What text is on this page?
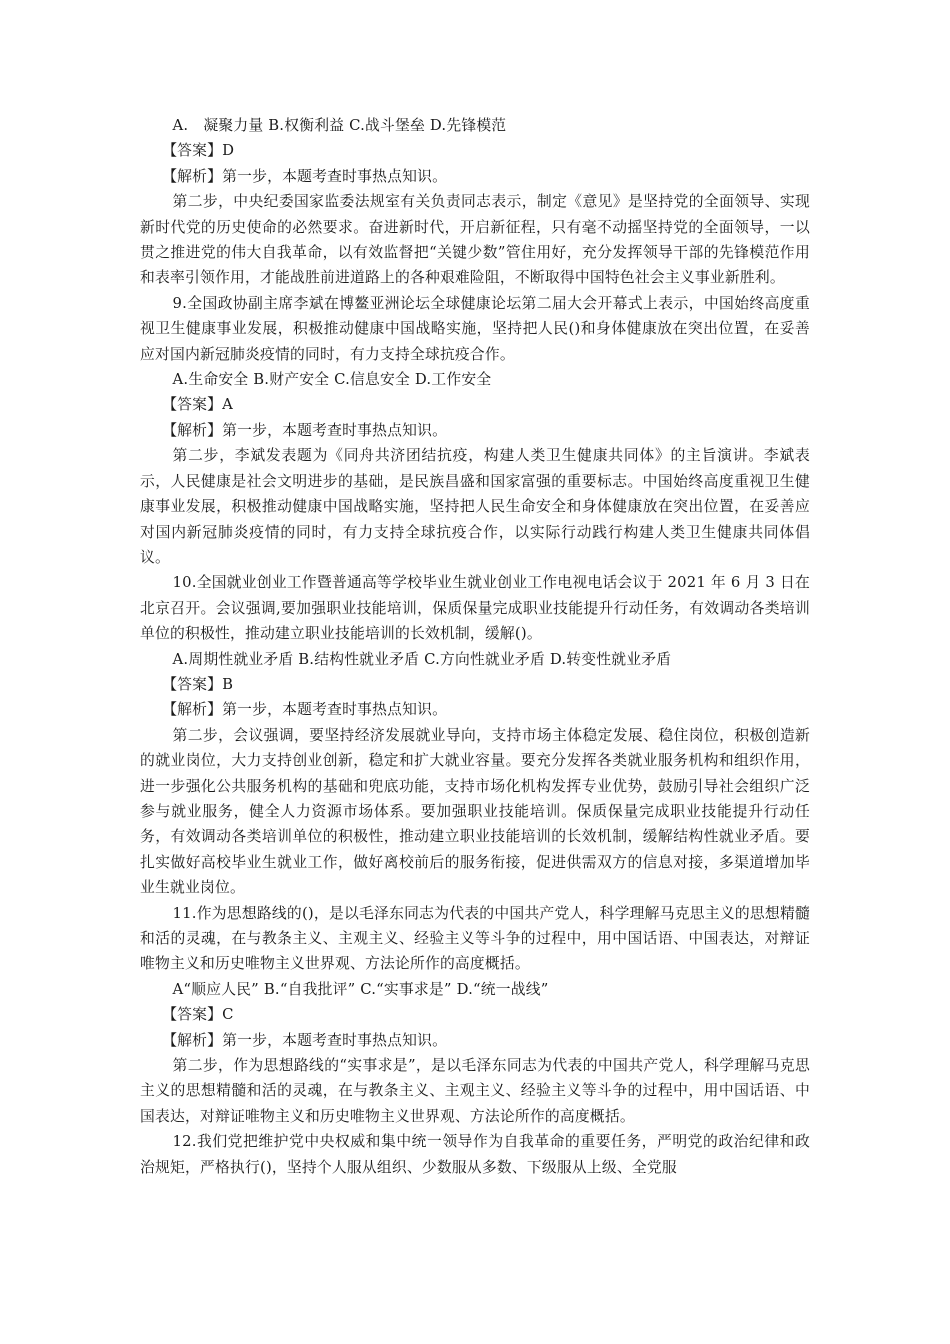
A.　凝聚力量 B.权衡利益 C.战斗堡垒 D.先锋模范

【答案】D

【解析】第一步，本题考查时事热点知识。

第二步，中央纪委国家监委法规室有关负责同志表示，制定《意见》是坚持党的全面领导、实现新时代党的历史使命的必然要求。奋进新时代，开启新征程，只有毫不动摇坚持党的全面领导，一以贯之推进党的伟大自我革命，以有效监督把“关键少数”管住用好，充分发挥领导干部的先锋模范作用和表率引领作用，才能战胜前进道路上的各种艰难险阻，不断取得中国特色社会主义事业新胜利。

9.全国政协副主席李斌在博鳌亚洲论坛全球健康论坛第二届大会开幕式上表示，中国始终高度重视卫生健康事业发展，积极推动健康中国战略实施，坚持把人民()和身体健康放在突出位置，在妥善应对国内新冠肺炎疫情的同时，有力支持全球抗疫合作。

A.生命安全 B.财产安全 C.信息安全 D.工作安全

【答案】A

【解析】第一步，本题考查时事热点知识。

第二步，李斌发表题为《同舟共济团结抗疫，构建人类卫生健康共同体》的主旨演讲。李斌表示，人民健康是社会文明进步的基础，是民族昌盛和国家富强的重要标志。中国始终高度重视卫生健康事业发展，积极推动健康中国战略实施，坚持把人民生命安全和身体健康放在突出位置，在妥善应对国内新冠肺炎疫情的同时，有力支持全球抗疫合作，以实际行动践行构建人类卫生健康共同体倡议。

10.全国就业创业工作暨普通高等学校毕业生就业创业工作电视电话会议于 2021 年 6 月 3 日在北京召开。会议强调,要加强职业技能培训，保质保量完成职业技能提升行动任务，有效调动各类培训单位的积极性，推动建立职业技能培训的长效机制，缓解()。

A.周期性就业矛盾 B.结构性就业矛盾 C.方向性就业矛盾 D.转变性就业矛盾

【答案】B

【解析】第一步，本题考查时事热点知识。

第二步，会议强调，要坚持经济发展就业导向，支持市场主体稳定发展、稳住岗位，积极创造新的就业岗位，大力支持创业创新，稳定和扩大就业容量。要充分发挥各类就业服务机构和组织作用，进一步强化公共服务机构的基础和兜底功能，支持市场化机构发挥专业优势，鼓励引导社会组织广泛参与就业服务，健全人力资源市场体系。要加强职业技能培训。保质保量完成职业技能提升行动任务，有效调动各类培训单位的积极性，推动建立职业技能培训的长效机制，缓解结构性就业矛盾。要扎实做好高校毕业生就业工作，做好离校前后的服务衔接，促进供需双方的信息对接，多渠道增加毕业生就业岗位。

11.作为思想路线的()，是以毛泽东同志为代表的中国共产党人，科学理解马克思主义的思想精髓和活的灵魂，在与教条主义、主观主义、经验主义等斗争的过程中，用中国话语、中国表达，对辩证唯物主义和历史唯物主义世界观、方法论所作的高度概括。

A“顺应人民” B.“自我批评” C.“实事求是” D.“统一战线”

【答案】C

【解析】第一步，本题考查时事热点知识。

第二步，作为思想路线的“实事求是”，是以毛泽东同志为代表的中国共产党人，科学理解马克思主义的思想精髓和活的灵魂，在与教条主义、主观主义、经验主义等斗争的过程中，用中国话语、中国表达，对辩证唯物主义和历史唯物主义世界观、方法论所作的高度概括。

12.我们党把维护党中央权威和集中统一领导作为自我革命的重要任务，严明党的政治纪律和政治规矩，严格执行()，坚持个人服从组织、少数服从多数、下级服从上级、全党服
